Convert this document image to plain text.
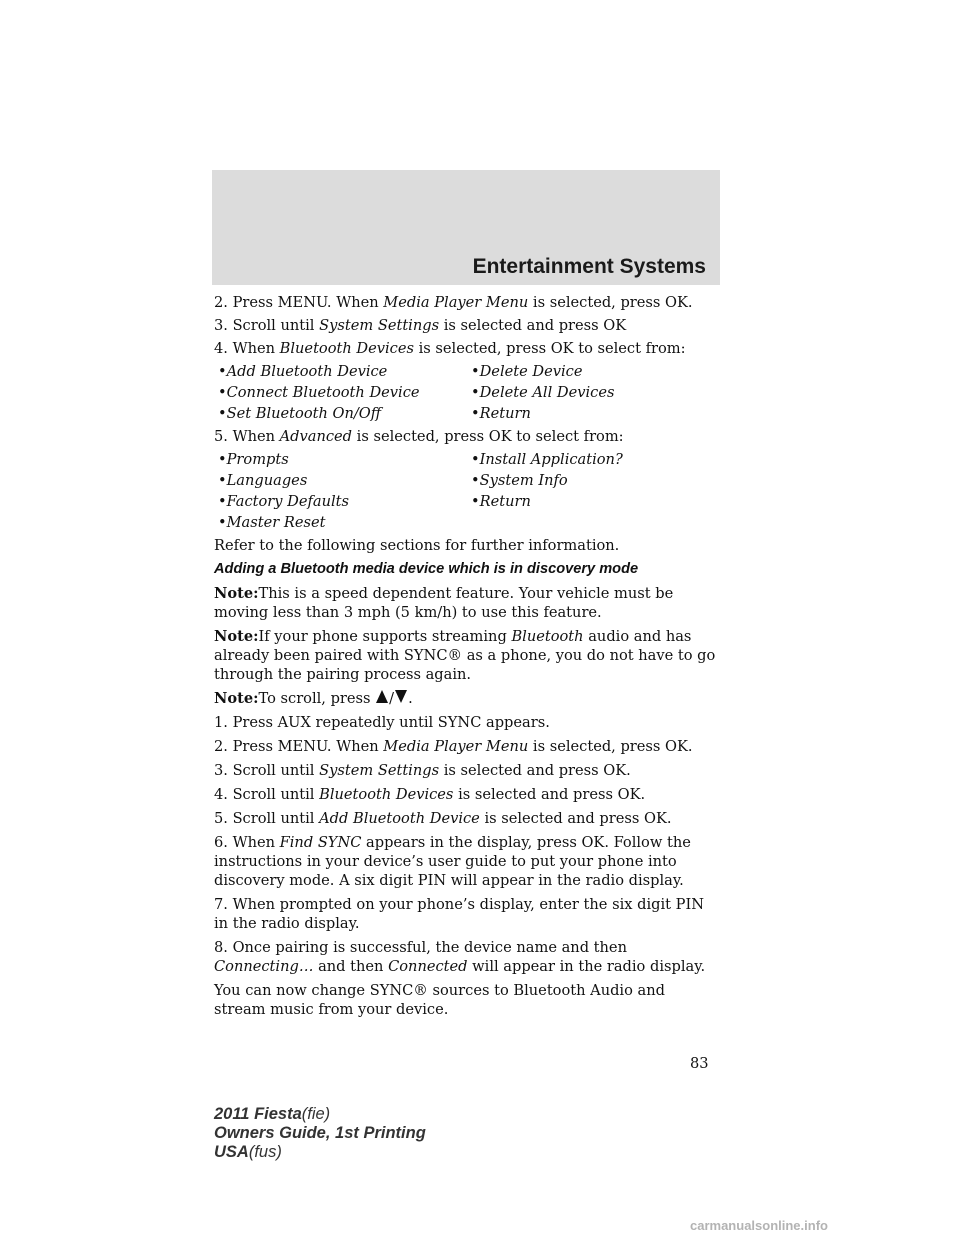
Entertainment Systems
2. Press MENU. When Media Player Menu is selected, press OK.
3. Scroll until System Settings is selected and press OK
4. When Bluetooth Devices is selected, press OK to select from:
•Add Bluetooth Device
•Connect Bluetooth Device
•Set Bluetooth On/Off
•Delete Device
•Delete All Devices
•Return
5. When Advanced is selected, press OK to select from:
•Prompts
•Languages
•Factory Defaults
•Master Reset
•Install Application?
•System Info
•Return
Refer to the following sections for further information.
Adding a Bluetooth media device which is in discovery mode
Note:This is a speed dependent feature. Your vehicle must be moving less than 3 mph (5 km/h) to use this feature.
Note:If your phone supports streaming Bluetooth audio and has already been paired with SYNC® as a phone, you do not have to go through the pairing process again.
Note:To scroll, press / .
1. Press AUX repeatedly until SYNC appears.
2. Press MENU. When Media Player Menu is selected, press OK.
3. Scroll until System Settings is selected and press OK.
4. Scroll until Bluetooth Devices is selected and press OK.
5. Scroll until Add Bluetooth Device is selected and press OK.
6. When Find SYNC appears in the display, press OK. Follow the instructions in your device’s user guide to put your phone into discovery mode. A six digit PIN will appear in the radio display.
7. When prompted on your phone’s display, enter the six digit PIN in the radio display.
8. Once pairing is successful, the device name and then Connecting… and then Connected will appear in the radio display.
You can now change SYNC® sources to Bluetooth Audio and stream music from your device.
83
2011 Fiesta(fie)
Owners Guide, 1st Printing
USA(fus)
carmanualsonline.info
